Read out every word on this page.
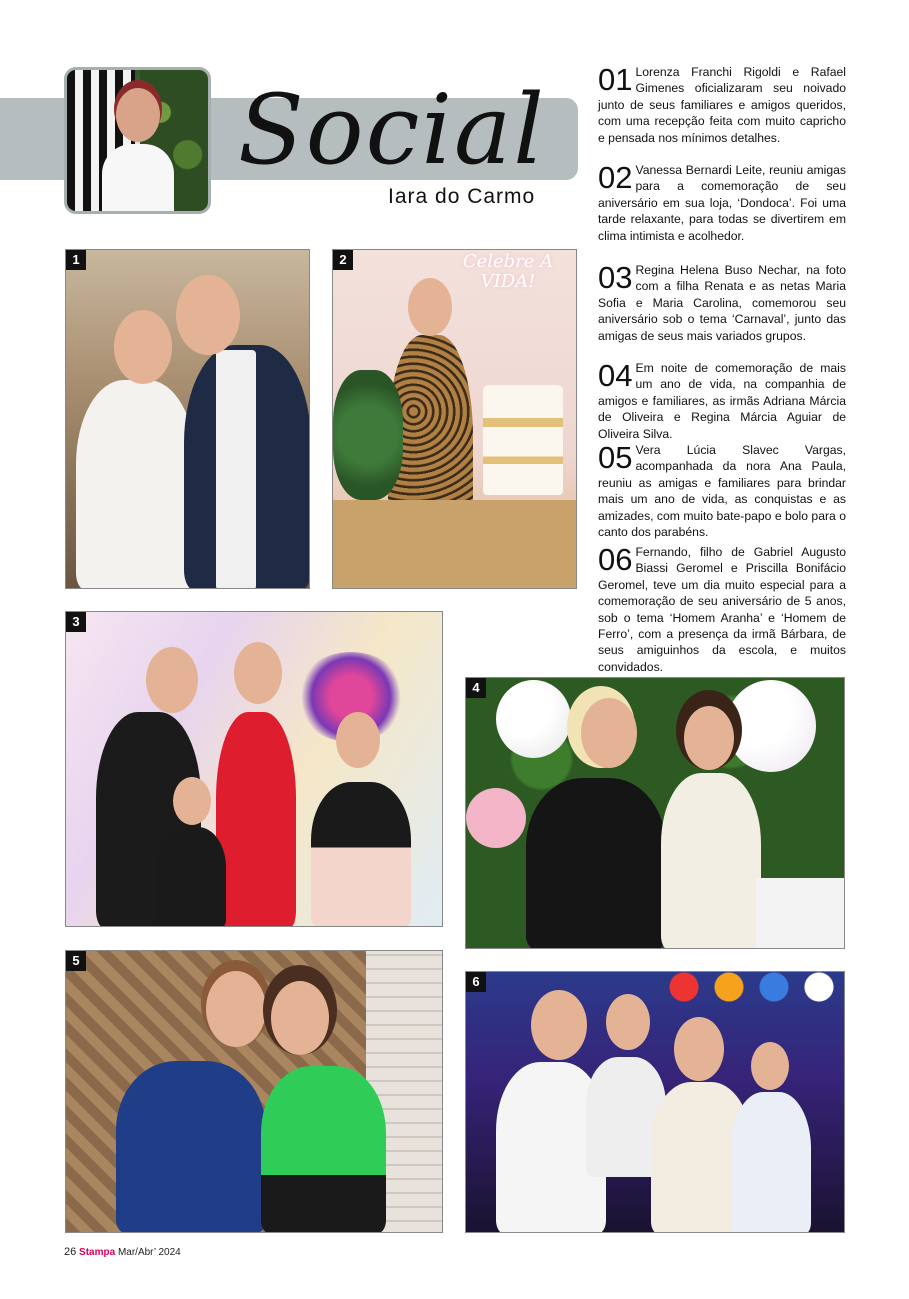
Social

Iara do Carmo

01 Lorenza Franchi Rigoldi e Rafael Gimenes oficializaram seu noivado junto de seus familiares e amigos queridos, com uma recepção feita com muito capricho e pensada nos mínimos detalhes.

02 Vanessa Bernardi Leite, reuniu amigas para a comemoração de seu aniversário em sua loja, ‘Dondoca’. Foi uma tarde relaxante, para todas se divertirem em clima intimista e acolhedor.

03 Regina Helena Buso Nechar, na foto com a filha Renata e as netas Maria Sofia e Maria Carolina, comemorou seu aniversário sob o tema ‘Carnaval’, junto das amigas de seus mais variados grupos.

04 Em noite de comemoração de mais um ano de vida, na companhia de amigos e familiares, as irmãs Adriana Márcia de Oliveira e Regina Márcia Aguiar de Oliveira Silva.

05 Vera Lúcia Slavec Vargas, acompanhada da nora Ana Paula, reuniu as amigas e familiares para brindar mais um ano de vida, as conquistas e as amizades, com muito bate-papo e bolo para o canto dos parabéns.

06 Fernando, filho de Gabriel Augusto Biassi Geromel e Priscilla Bonifácio Geromel, teve um dia muito especial para a comemoração de seu aniversário de 5 anos, sob o tema ‘Homem Aranha’ e ‘Homem de Ferro’, com a presença da irmã Bárbara, de seus amiguinhos da escola, e muitos convidados.

1	Celebre A VIDA!
2
3
4
5
6
26 Stampa Mar/Abr’ 2024
